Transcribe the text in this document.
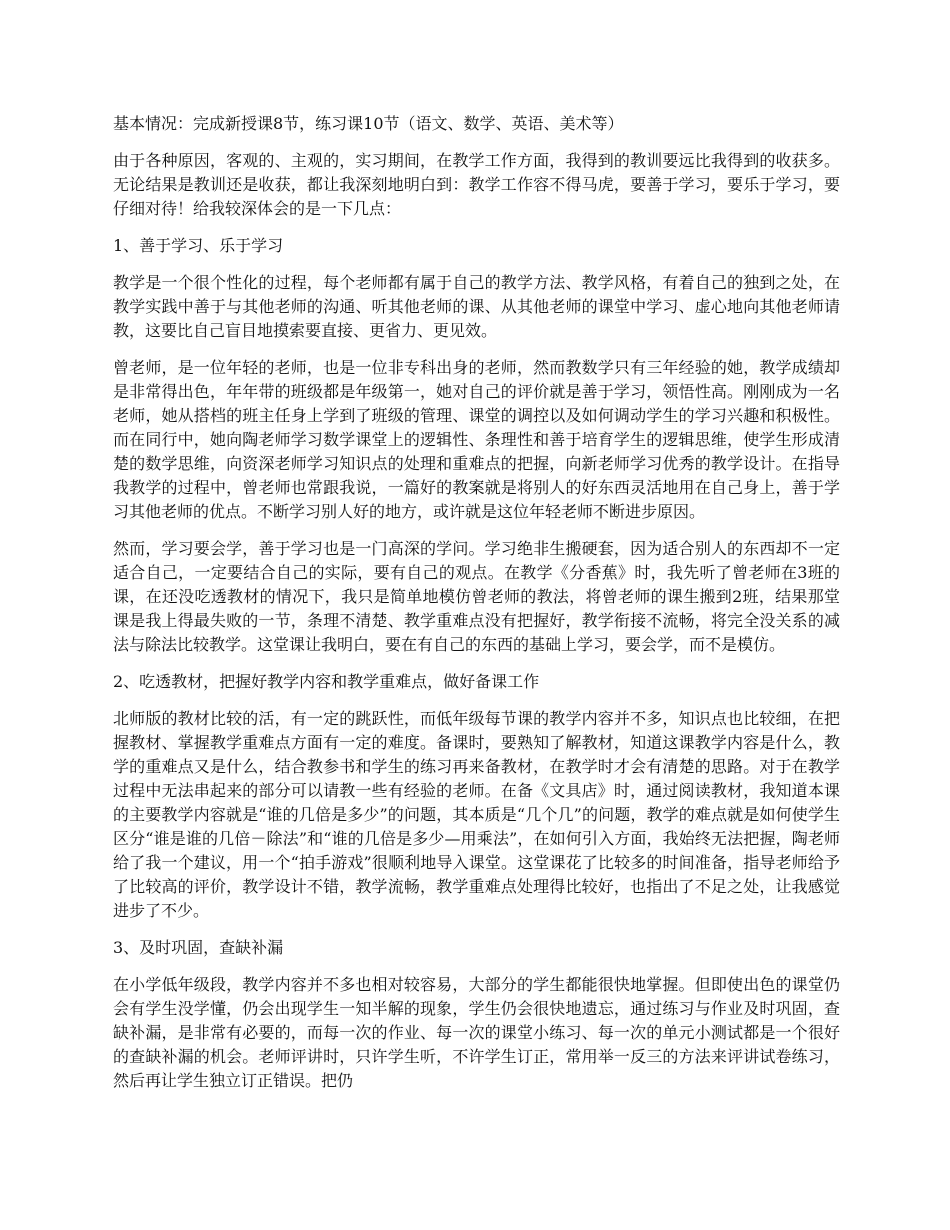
基本情况：完成新授课8节，练习课10节（语文、数学、英语、美术等）

由于各种原因，客观的、主观的，实习期间，在教学工作方面，我得到的教训要远比我得到的收获多。无论结果是教训还是收获，都让我深刻地明白到：教学工作容不得马虎，要善于学习，要乐于学习，要仔细对待！给我较深体会的是一下几点：

1、善于学习、乐于学习

教学是一个很个性化的过程，每个老师都有属于自己的教学方法、教学风格，有着自己的独到之处，在教学实践中善于与其他老师的沟通、听其他老师的课、从其他老师的课堂中学习、虚心地向其他老师请教，这要比自己盲目地摸索要直接、更省力、更见效。

曾老师，是一位年轻的老师，也是一位非专科出身的老师，然而教数学只有三年经验的她，教学成绩却是非常得出色，年年带的班级都是年级第一，她对自己的评价就是善于学习，领悟性高。刚刚成为一名老师，她从搭档的班主任身上学到了班级的管理、课堂的调控以及如何调动学生的学习兴趣和积极性。而在同行中，她向陶老师学习数学课堂上的逻辑性、条理性和善于培育学生的逻辑思维，使学生形成清楚的数学思维，向资深老师学习知识点的处理和重难点的把握，向新老师学习优秀的教学设计。在指导我教学的过程中，曾老师也常跟我说，一篇好的教案就是将别人的好东西灵活地用在自己身上，善于学习其他老师的优点。不断学习别人好的地方，或许就是这位年轻老师不断进步原因。

然而，学习要会学，善于学习也是一门高深的学问。学习绝非生搬硬套，因为适合别人的东西却不一定适合自己，一定要结合自己的实际，要有自己的观点。在教学《分香蕉》时，我先听了曾老师在3班的课，在还没吃透教材的情况下，我只是简单地模仿曾老师的教法，将曾老师的课生搬到2班，结果那堂课是我上得最失败的一节，条理不清楚、教学重难点没有把握好，教学衔接不流畅，将完全没关系的减法与除法比较教学。这堂课让我明白，要在有自己的东西的基础上学习，要会学，而不是模仿。

2、吃透教材，把握好教学内容和教学重难点，做好备课工作

北师版的教材比较的活，有一定的跳跃性，而低年级每节课的教学内容并不多，知识点也比较细，在把握教材、掌握教学重难点方面有一定的难度。备课时，要熟知了解教材，知道这课教学内容是什么，教学的重难点又是什么，结合教参书和学生的练习再来备教材，在教学时才会有清楚的思路。对于在教学过程中无法串起来的部分可以请教一些有经验的老师。在备《文具店》时，通过阅读教材，我知道本课的主要教学内容就是“谁的几倍是多少”的问题，其本质是“几个几”的问题，教学的难点就是如何使学生区分“谁是谁的几倍－除法”和“谁的几倍是多少—用乘法”，在如何引入方面，我始终无法把握，陶老师给了我一个建议，用一个“拍手游戏”很顺利地导入课堂。这堂课花了比较多的时间准备，指导老师给予了比较高的评价，教学设计不错，教学流畅，教学重难点处理得比较好，也指出了不足之处，让我感觉进步了不少。

3、及时巩固，查缺补漏

在小学低年级段，教学内容并不多也相对较容易，大部分的学生都能很快地掌握。但即使出色的课堂仍会有学生没学懂，仍会出现学生一知半解的现象，学生仍会很快地遗忘，通过练习与作业及时巩固，查缺补漏，是非常有必要的，而每一次的作业、每一次的课堂小练习、每一次的单元小测试都是一个很好的查缺补漏的机会。老师评讲时，只许学生听，不许学生订正，常用举一反三的方法来评讲试卷练习，然后再让学生独立订正错误。把仍
